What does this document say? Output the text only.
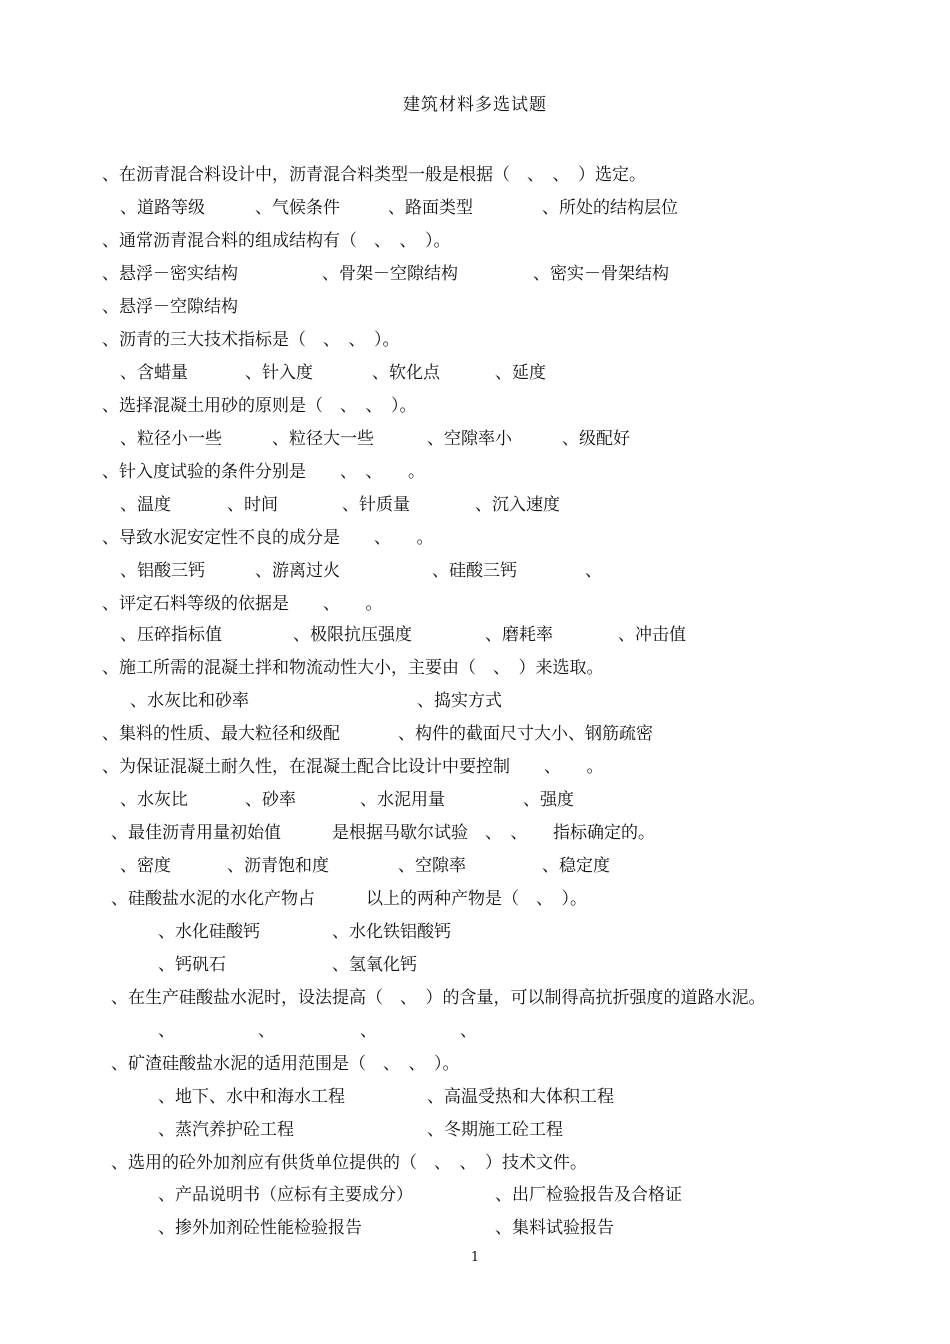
建筑材料多选试题
、在沥青混合料设计中，沥青混合料类型一般是根据（　、　、　）选定。
、道路等级	、气候条件	、路面类型	、所处的结构层位
、通常沥青混合料的组成结构有（　、　、　）。
、悬浮－密实结构	、骨架－空隙结构	、密实－骨架结构
、悬浮－空隙结构
、沥青的三大技术指标是（　、　、　）。
、含蜡量	、针入度	、软化点	、延度
、选择混凝土用砂的原则是（　、　、　）。
、粒径小一些	、粒径大一些	、空隙率小	、级配好
、针入度试验的条件分别是　　、　、　　。
、温度	、时间	、针质量	、沉入速度
、导致水泥安定性不良的成分是　　、　　。
、铝酸三钙	、游离过火	、硅酸三钙	、
、评定石料等级的依据是　　、　　。
、压碎指标值	、极限抗压强度	、磨耗率	、冲击值
、施工所需的混凝土拌和物流动性大小，主要由（　、　）来选取。
、水灰比和砂率	、捣实方式
、集料的性质、最大粒径和级配	、构件的截面尺寸大小、钢筋疏密
、为保证混凝土耐久性，在混凝土配合比设计中要控制　　、　　。
、水灰比	、砂率	、水泥用量	、强度
、最佳沥青用量初始值　　　是根据马歇尔试验　、　、　　指标确定的。
、密度	、沥青饱和度	、空隙率	、稳定度
、硅酸盐水泥的水化产物占　　　以上的两种产物是（　、　）。
、水化硅酸钙	、水化铁铝酸钙
、钙矾石	、氢氧化钙
、在生产硅酸盐水泥时，设法提高（　、　）的含量，可以制得高抗折强度的道路水泥。
、	、	、	、
、矿渣硅酸盐水泥的适用范围是（　、　、　）。
、地下、水中和海水工程	、高温受热和大体积工程
、蒸汽养护砼工程	、冬期施工砼工程
、选用的砼外加剂应有供货单位提供的（　、　、　）技术文件。
、产品说明书（应标有主要成分）	、出厂检验报告及合格证
、掺外加剂砼性能检验报告	、集料试验报告
1
